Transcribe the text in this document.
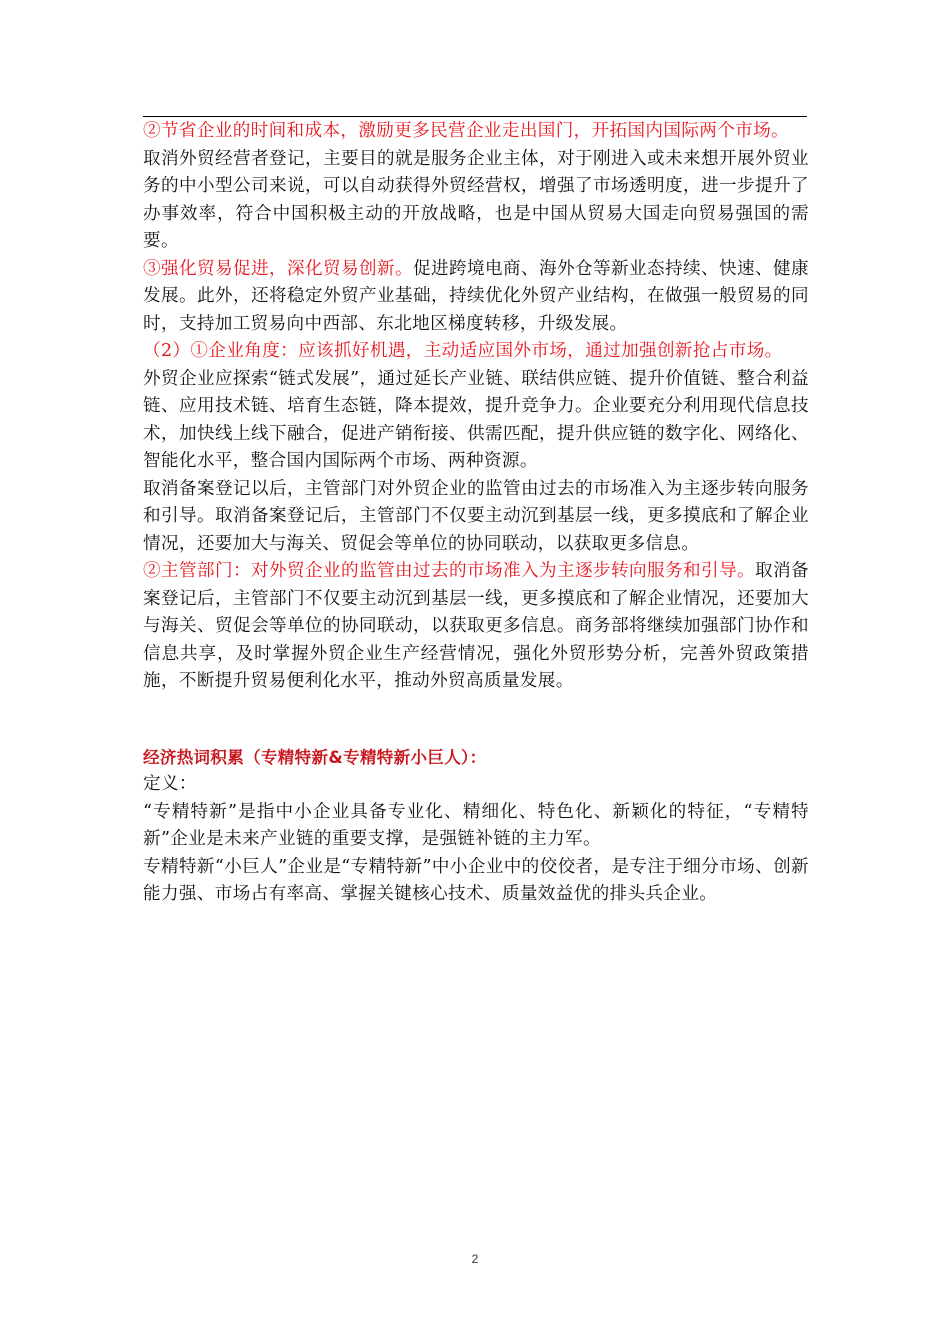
②节省企业的时间和成本，激励更多民营企业走出国门，开拓国内国际两个市场。

取消外贸经营者登记，主要目的就是服务企业主体，对于刚进入或未来想开展外贸业务的中小型公司来说，可以自动获得外贸经营权，增强了市场透明度，进一步提升了办事效率，符合中国积极主动的开放战略，也是中国从贸易大国走向贸易强国的需要。

③强化贸易促进，深化贸易创新。促进跨境电商、海外仓等新业态持续、快速、健康发展。此外，还将稳定外贸产业基础，持续优化外贸产业结构，在做强一般贸易的同时，支持加工贸易向中西部、东北地区梯度转移，升级发展。

（2）①企业角度：应该抓好机遇，主动适应国外市场，通过加强创新抢占市场。

外贸企业应探索“链式发展”，通过延长产业链、联结供应链、提升价值链、整合利益链、应用技术链、培育生态链，降本提效，提升竞争力。企业要充分利用现代信息技术，加快线上线下融合，促进产销衔接、供需匹配，提升供应链的数字化、网络化、智能化水平，整合国内国际两个市场、两种资源。

取消备案登记以后，主管部门对外贸企业的监管由过去的市场准入为主逐步转向服务和引导。取消备案登记后，主管部门不仅要主动沉到基层一线，更多摸底和了解企业情况，还要加大与海关、贸促会等单位的协同联动，以获取更多信息。

②主管部门：对外贸企业的监管由过去的市场准入为主逐步转向服务和引导。取消备案登记后，主管部门不仅要主动沉到基层一线，更多摸底和了解企业情况，还要加大与海关、贸促会等单位的协同联动，以获取更多信息。商务部将继续加强部门协作和信息共享，及时掌握外贸企业生产经营情况，强化外贸形势分析，完善外贸政策措施，不断提升贸易便利化水平，推动外贸高质量发展。

经济热词积累（专精特新&专精特新小巨人）：

定义：

“专精特新”是指中小企业具备专业化、精细化、特色化、新颖化的特征，“专精特新”企业是未来产业链的重要支撑，是强链补链的主力军。

专精特新“小巨人”企业是“专精特新”中小企业中的佼佼者，是专注于细分市场、创新能力强、市场占有率高、掌握关键核心技术、质量效益优的排头兵企业。

2
